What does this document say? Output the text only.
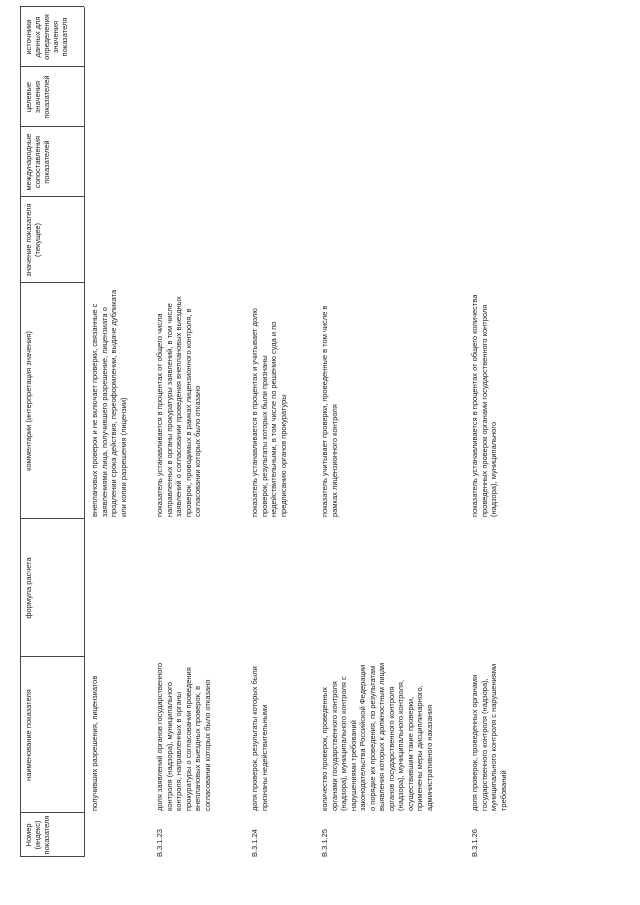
Номер (индекс) показателя
наименование показателя
формула расчета
комментарии (интерпретация значения)
значение показателя (текущее)
международные сопоставления показателей
целевые значения показателей
источники данных для определения значения показателя
получивших разрешения, лицензиатов
внеплановых проверок и не включает проверки, связанные с заявлениями лица, получившего разрешение, лицензиата о продлении срока действия, переоформлении, выдаче дубликата или копии разрешения (лицензии)
В.3.1.23
доля заявлений органов государственного контроля (надзора), муниципального контроля, направленных в органы прокуратуры о согласовании проведения внеплановых выездных проверок, в согласовании которых было отказано
показатель устанавливается в процентах от общего числа направленных в органы прокуратуры заявлений, в том числе заявлений о согласовании проведения внеплановых выездных проверок, проводимых в рамках лицензионного контроля, в согласовании которых было отказано
В.3.1.24
доля проверок, результаты которых были признаны недействительными
показатель устанавливается в процентах и учитывает долю проверок, результаты которых были признаны недействительными, в том числе по решению суда и по предписанию органов прокуратуры
В.3.1.25
количество проверок, проведенных органами государственного контроля (надзора), муниципального контроля с нарушениями требований законодательства Российской Федерации о порядке их проведения, по результатам выявления которых к должностным лицам органов государственного контроля (надзора), муниципального контроля, осуществившим такие проверки, применены меры дисциплинарного, административного наказания
показатель учитывает проверки, проведенные в том числе в рамках лицензионного контроля
В.3.1.26
доля проверок, проведенных органами государственного контроля (надзора), муниципального контроля с нарушениями требований
показатель устанавливается в процентах от общего количества проведенных проверок органами государственного контроля (надзора), муниципального
